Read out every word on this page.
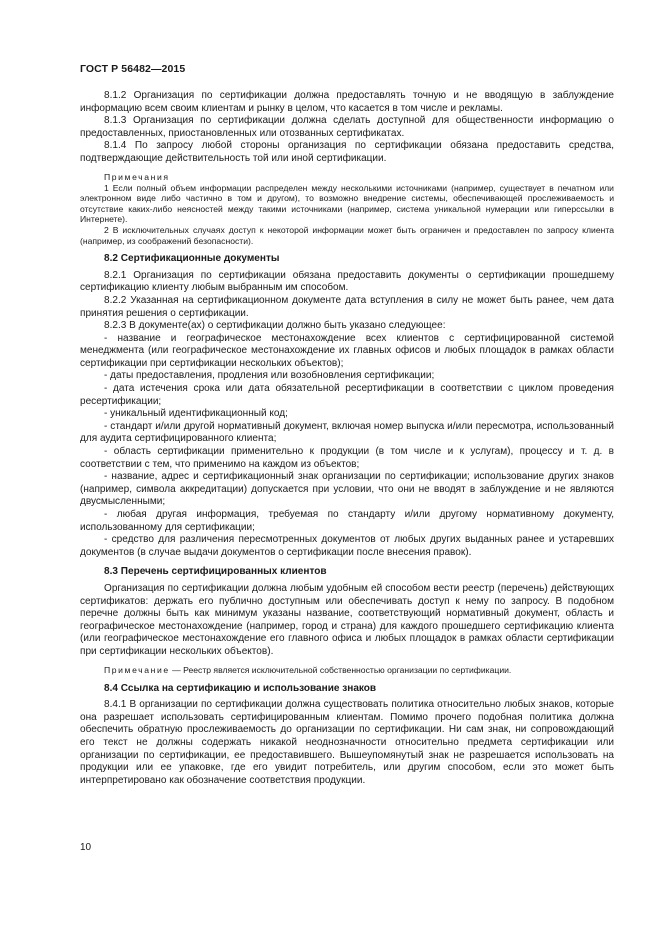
ГОСТ Р 56482—2015

8.1.2 Организация по сертификации должна предоставлять точную и не вводящую в заблуждение информацию всем своим клиентам и рынку в целом, что касается в том числе и рекламы.

8.1.3 Организация по сертификации должна сделать доступной для общественности информацию о предоставленных, приостановленных или отозванных сертификатах.

8.1.4 По запросу любой стороны организация по сертификации обязана предоставить средства, подтверждающие действительность той или иной сертификации.

Примечания

1 Если полный объем информации распределен между несколькими источниками (например, существует в печатном или электронном виде либо частично в том и другом), то возможно внедрение системы, обеспечивающей прослеживаемость и отсутствие каких-либо неясностей между такими источниками (например, система уникальной нумерации или гиперссылки в Интернете).

2 В исключительных случаях доступ к некоторой информации может быть ограничен и предоставлен по запросу клиента (например, из соображений безопасности).

8.2 Сертификационные документы

8.2.1 Организация по сертификации обязана предоставить документы о сертификации прошедшему сертификацию клиенту любым выбранным им способом.

8.2.2 Указанная на сертификационном документе дата вступления в силу не может быть ранее, чем дата принятия решения о сертификации.

8.2.3 В документе(ах) о сертификации должно быть указано следующее:

- название и географическое местонахождение всех клиентов с сертифицированной системой менеджмента (или географическое местонахождение их главных офисов и любых площадок в рамках области сертификации при сертификации нескольких объектов);

- даты предоставления, продления или возобновления сертификации;

- дата истечения срока или дата обязательной ресертификации в соответствии с циклом проведения ресертификации;

- уникальный идентификационный код;

- стандарт и/или другой нормативный документ, включая номер выпуска и/или пересмотра, использованный для аудита сертифицированного клиента;

- область сертификации применительно к продукции (в том числе и к услугам), процессу и т. д. в соответствии с тем, что применимо на каждом из объектов;

- название, адрес и сертификационный знак организации по сертификации; использование других знаков (например, символа аккредитации) допускается при условии, что они не вводят в заблуждение и не являются двусмысленными;

- любая другая информация, требуемая по стандарту и/или другому нормативному документу, использованному для сертификации;

- средство для различения пересмотренных документов от любых других выданных ранее и устаревших документов (в случае выдачи документов о сертификации после внесения правок).

8.3 Перечень сертифицированных клиентов

Организация по сертификации должна любым удобным ей способом вести реестр (перечень) действующих сертификатов: держать его публично доступным или обеспечивать доступ к нему по запросу. В подобном перечне должны быть как минимум указаны название, соответствующий нормативный документ, область и географическое местонахождение (например, город и страна) для каждого прошедшего сертификацию клиента (или географическое местонахождение его главного офиса и любых площадок в рамках области сертификации при сертификации нескольких объектов).

Примечание — Реестр является исключительной собственностью организации по сертификации.

8.4 Ссылка на сертификацию и использование знаков

8.4.1 В организации по сертификации должна существовать политика относительно любых знаков, которые она разрешает использовать сертифицированным клиентам. Помимо прочего подобная политика должна обеспечить обратную прослеживаемость до организации по сертификации. Ни сам знак, ни сопровождающий его текст не должны содержать никакой неоднозначности относительно предмета сертификации или организации по сертификации, ее предоставившего. Вышеупомянутый знак не разрешается использовать на продукции или ее упаковке, где его увидит потребитель, или другим способом, если это может быть интерпретировано как обозначение соответствия продукции.

10
